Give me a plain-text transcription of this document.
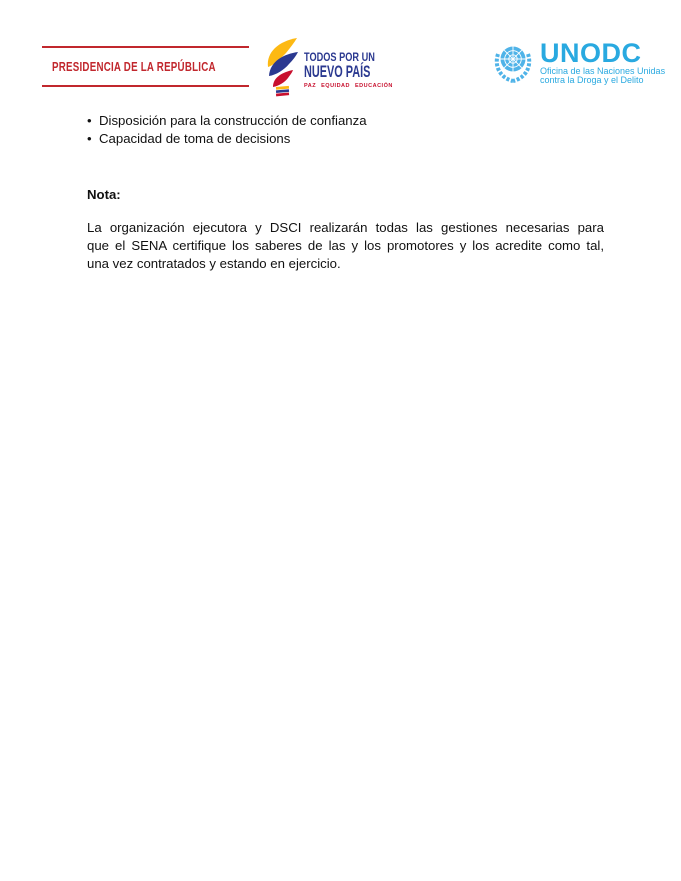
PRESIDENCIA DE LA REPÚBLICA
TODOS POR UN
NUEVO PAÍS
PAZ EQUIDAD EDUCACIÓN
UNODC
Oficina de las Naciones Unidas
contra la Droga y el Delito
• Disposición para la construcción de confianza
• Capacidad de toma de decisions

Nota:

La organización ejecutora y DSCI realizarán todas las gestiones necesarias para
que el SENA certifique los saberes de las y los promotores y los acredite como tal,
una vez contratados y estando en ejercicio.
